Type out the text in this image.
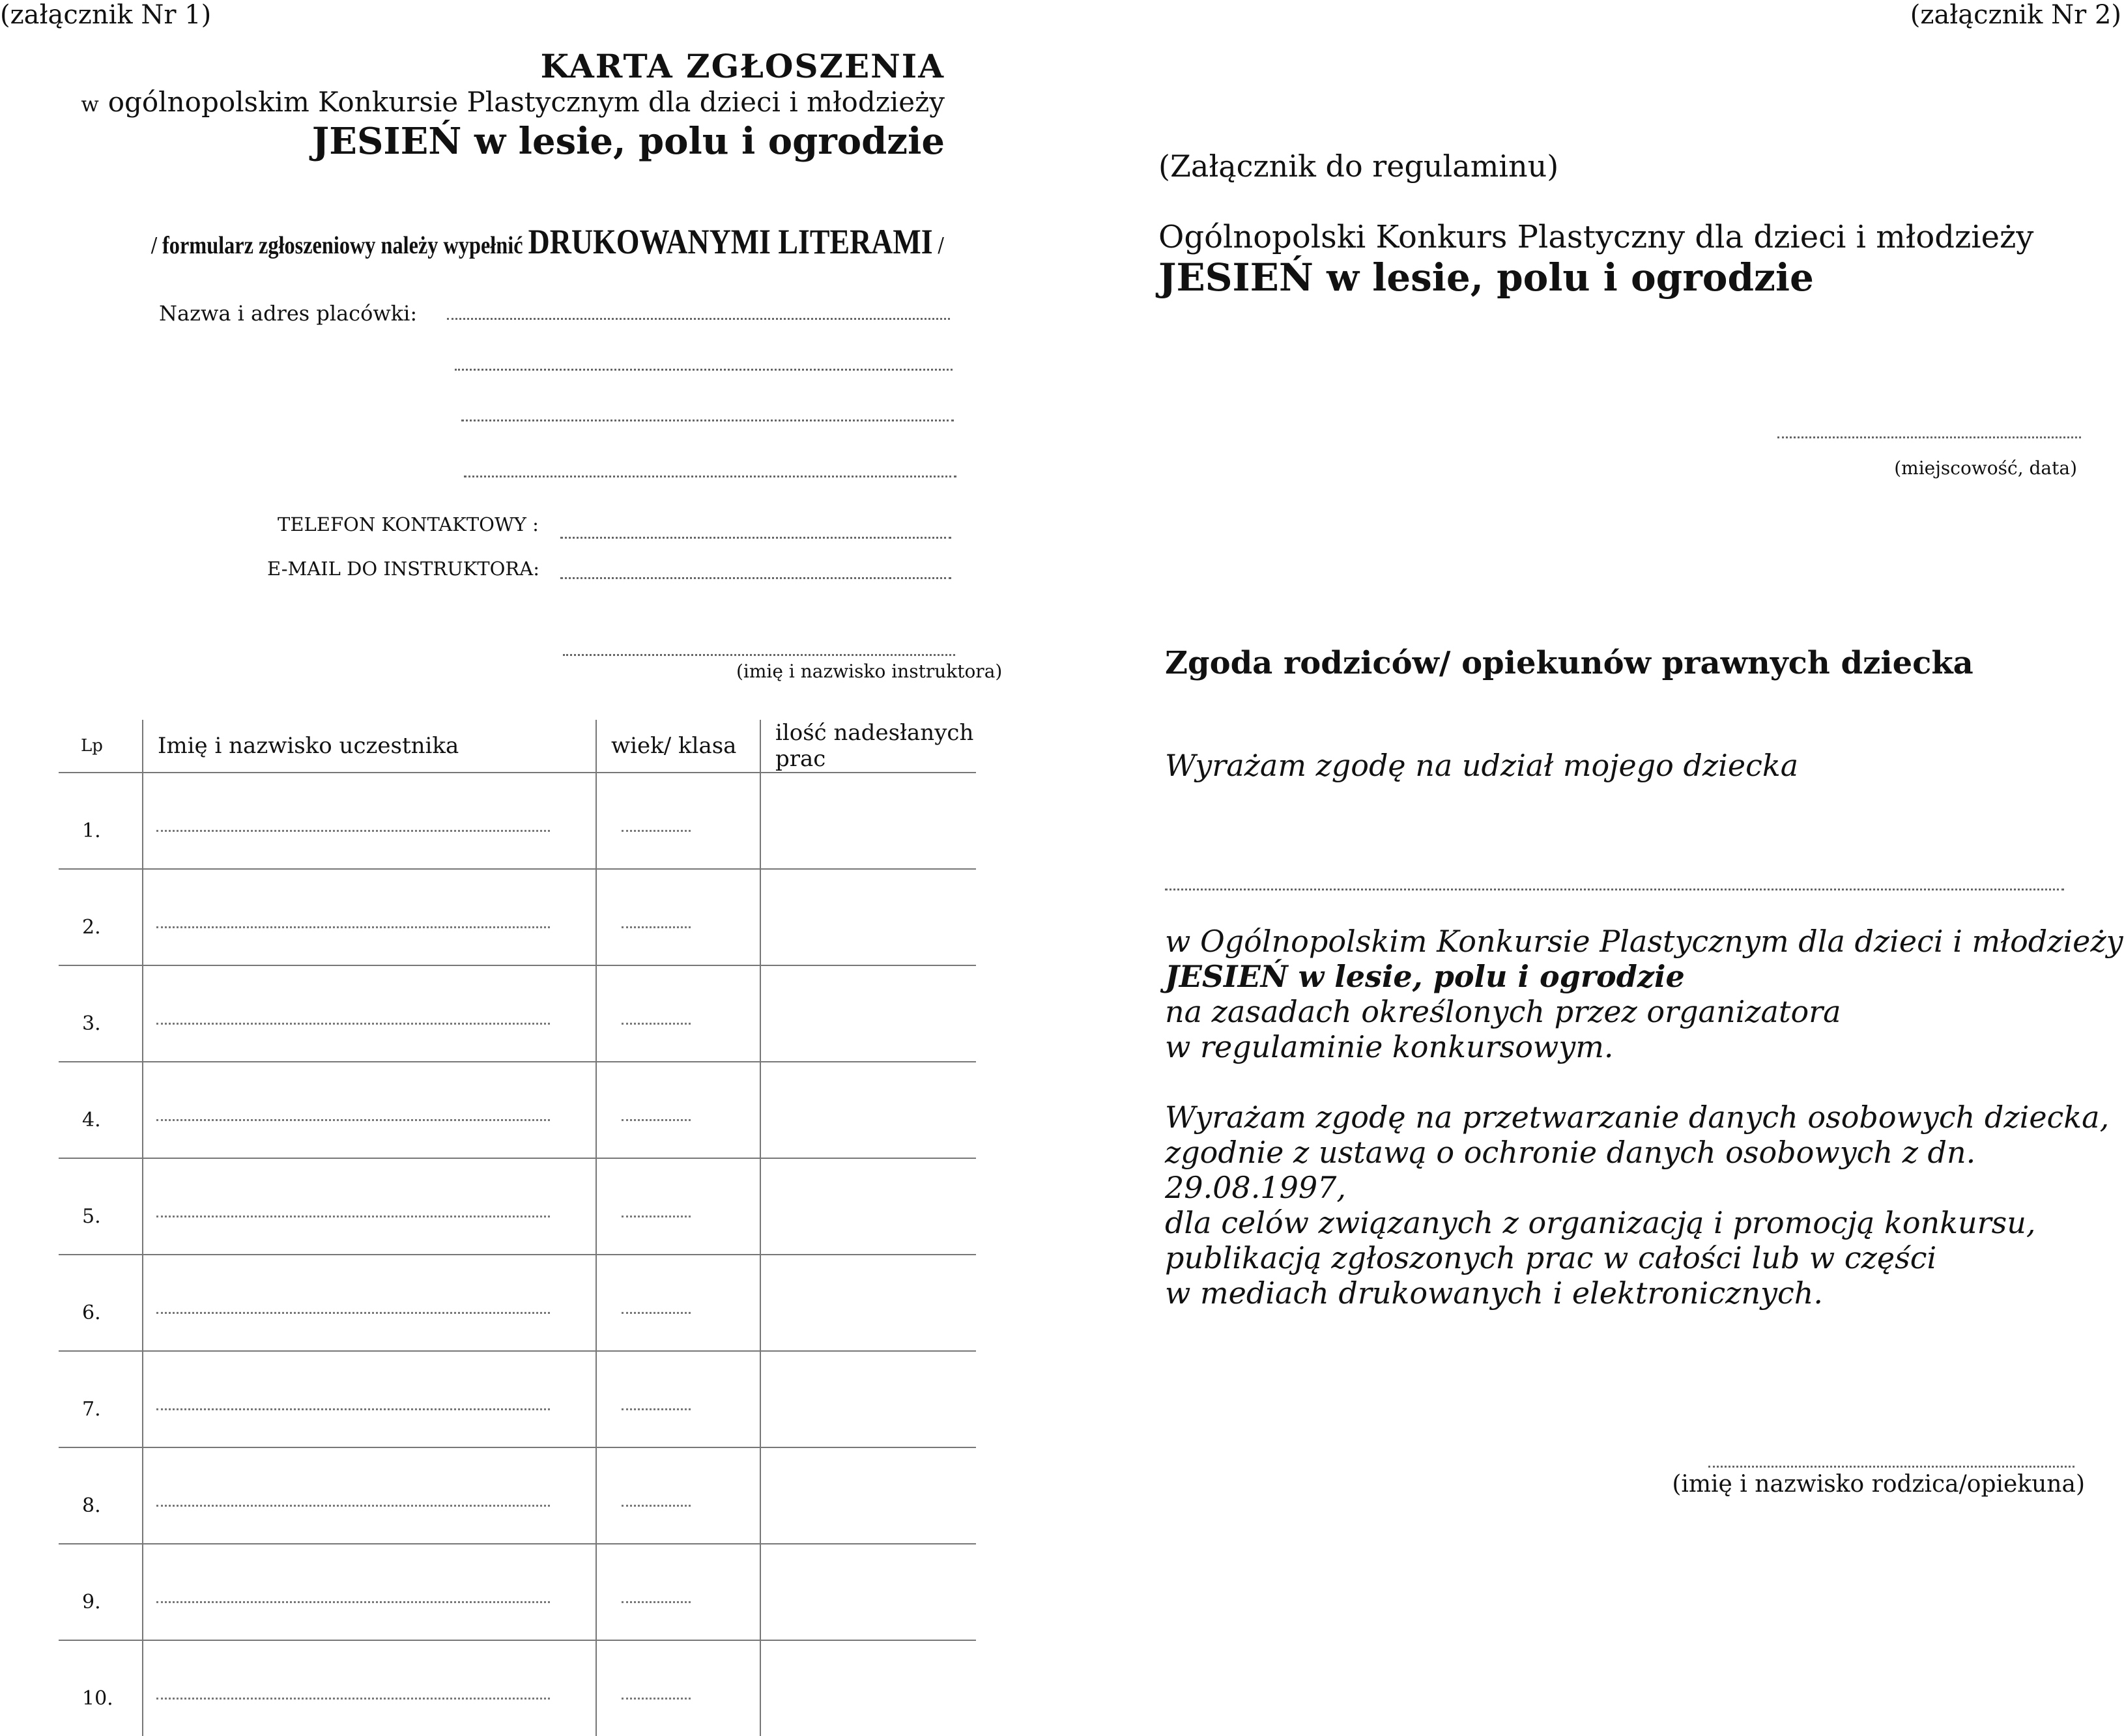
(załącznik Nr 1)	(załącznik Nr 2)
KARTA ZGŁOSZENIA
w ogólnopolskim Konkursie Plastycznym dla dzieci i młodzieży
JESIEŃ w lesie, polu i ogrodzie
/ formularz zgłoszeniowy należy wypełnić DRUKOWANYMI LITERAMI /
Nazwa i adres placówki:
TELEFON KONTAKTOWY :
E-MAIL DO INSTRUKTORA:
(imię i nazwisko instruktora)
Lp	Imię i nazwisko uczestnika	wiek/ klasa	ilość nadesłanych prac
1.	

2.	

3.	

4.	

5.	

6.	

7.	

8.	

9.	

10.	

(Załącznik do regulaminu)
Ogólnopolski Konkurs Plastyczny dla dzieci i młodzieży
JESIEŃ w lesie, polu i ogrodzie
(miejscowość, data)
Zgoda rodziców/ opiekunów prawnych dziecka
Wyrażam zgodę na udział mojego dziecka
w Ogólnopolskim Konkursie Plastycznym dla dzieci i młodzieży
JESIEŃ w lesie, polu i ogrodzie
na zasadach określonych przez organizatora
w regulaminie konkursowym.
Wyrażam zgodę na przetwarzanie danych osobowych dziecka,
zgodnie z ustawą o ochronie danych osobowych z dn. 29.08.1997,
dla celów związanych z organizacją i promocją konkursu,
publikacją zgłoszonych prac w całości lub w części
w mediach drukowanych i elektronicznych.
(imię i nazwisko rodzica/opiekuna)
